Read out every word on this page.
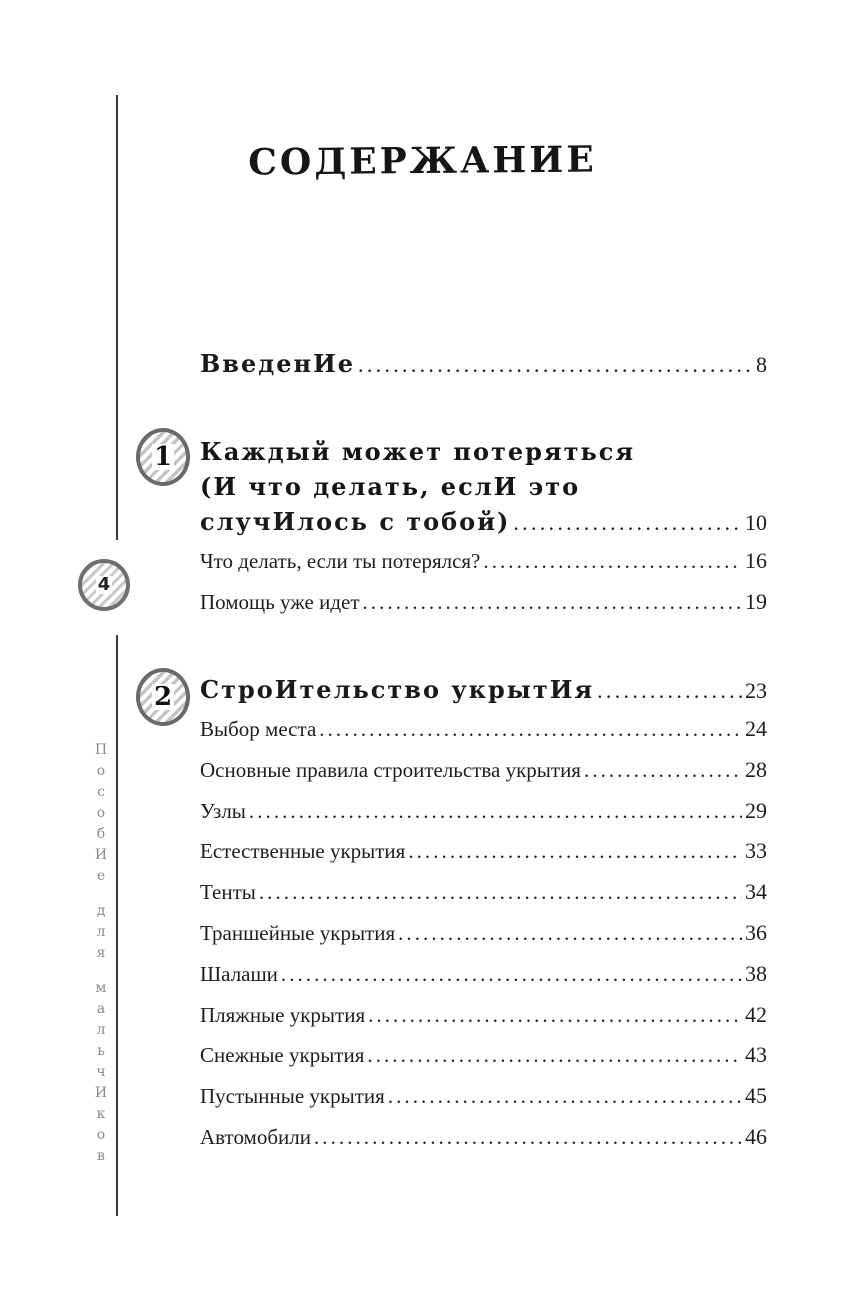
4
П
о
с
о
б
И
е
д
л
я
м
а
л
ь
ч
И
к
о
в
СОДЕРЖАНИЕ
ВведенИе . . .	8
1 Каждый может потеряться
(И что делать, еслИ это
случИлось с тобой) . . .	10
Что делать, если ты потерялся? . . .	16
Помощь уже идет . . .	19
2 СтроИтельство укрытИя . . .	23
Выбор места . . .	24
Основные правила строительства укрытия . . .	28
Узлы . . .	29
Естественные укрытия . . .	33
Тенты . . .	34
Траншейные укрытия . . .	36
Шалаши . . .	38
Пляжные укрытия . . .	42
Снежные укрытия . . .	43
Пустынные укрытия . . .	45
Автомобили . . .	46
